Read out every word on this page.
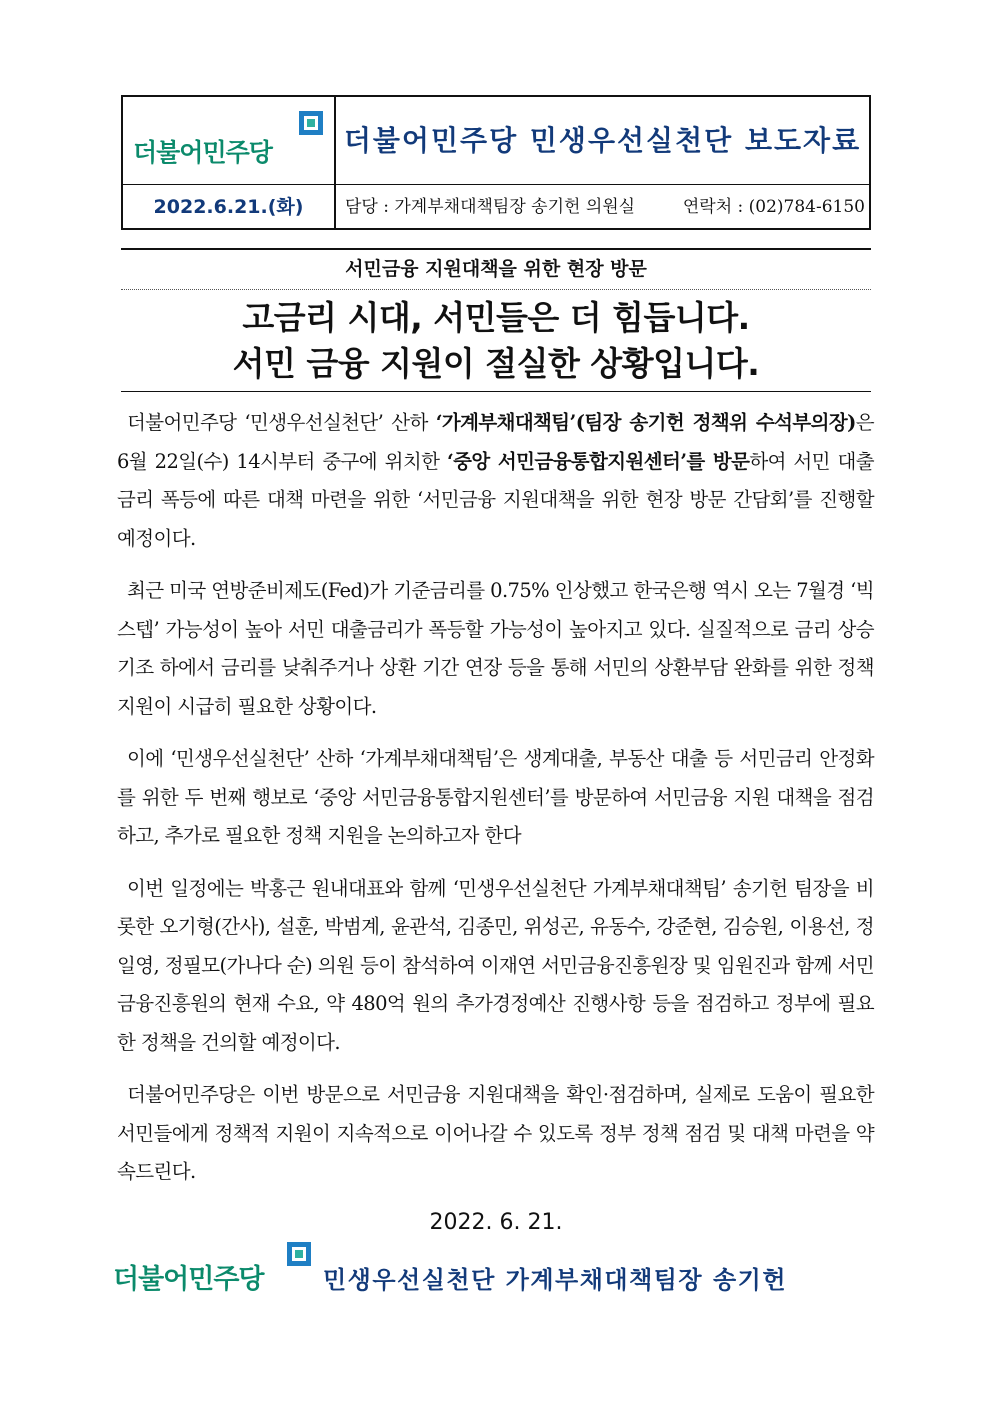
더불어민주당	더불어민주당 민생우선실천단 보도자료
2022.6.21.(화)	담당 : 가계부채대책팀장 송기헌 의원실	연락처 : (02)784-6150
서민금융 지원대책을 위한 현장 방문
고금리 시대, 서민들은 더 힘듭니다.
서민 금융 지원이 절실한 상황입니다.

더불어민주당 ‘민생우선실천단’ 산하 ‘가계부채대책팀’(팀장 송기헌 정책위 수석부의장)은 6월 22일(수) 14시부터 중구에 위치한 ‘중앙 서민금융통합지원센터’를 방문하여 서민 대출금리 폭등에 따른 대책 마련을 위한 ‘서민금융 지원대책을 위한 현장 방문 간담회’를 진행할 예정이다.

최근 미국 연방준비제도(Fed)가 기준금리를 0.75% 인상했고 한국은행 역시 오는 7월경 ‘빅스텝’ 가능성이 높아 서민 대출금리가 폭등할 가능성이 높아지고 있다. 실질적으로 금리 상승 기조 하에서 금리를 낮춰주거나 상환 기간 연장 등을 통해 서민의 상환부담 완화를 위한 정책 지원이 시급히 필요한 상황이다.

이에 ‘민생우선실천단’ 산하 ‘가계부채대책팀’은 생계대출, 부동산 대출 등 서민금리 안정화를 위한 두 번째 행보로 ‘중앙 서민금융통합지원센터’를 방문하여 서민금융 지원 대책을 점검하고, 추가로 필요한 정책 지원을 논의하고자 한다

이번 일정에는 박홍근 원내대표와 함께 ‘민생우선실천단 가계부채대책팀’ 송기헌 팀장을 비롯한 오기형(간사), 설훈, 박범계, 윤관석, 김종민, 위성곤, 유동수, 강준현, 김승원, 이용선, 정일영, 정필모(가나다 순) 의원 등이 참석하여 이재연 서민금융진흥원장 및 임원진과 함께 서민금융진흥원의 현재 수요, 약 480억 원의 추가경정예산 진행사항 등을 점검하고 정부에 필요한 정책을 건의할 예정이다.

더불어민주당은 이번 방문으로 서민금융 지원대책을 확인·점검하며, 실제로 도움이 필요한 서민들에게 정책적 지원이 지속적으로 이어나갈 수 있도록 정부 정책 점검 및 대책 마련을 약속드린다.

2022. 6. 21.
더불어민주당 민생우선실천단 가계부채대책팀장 송기헌
